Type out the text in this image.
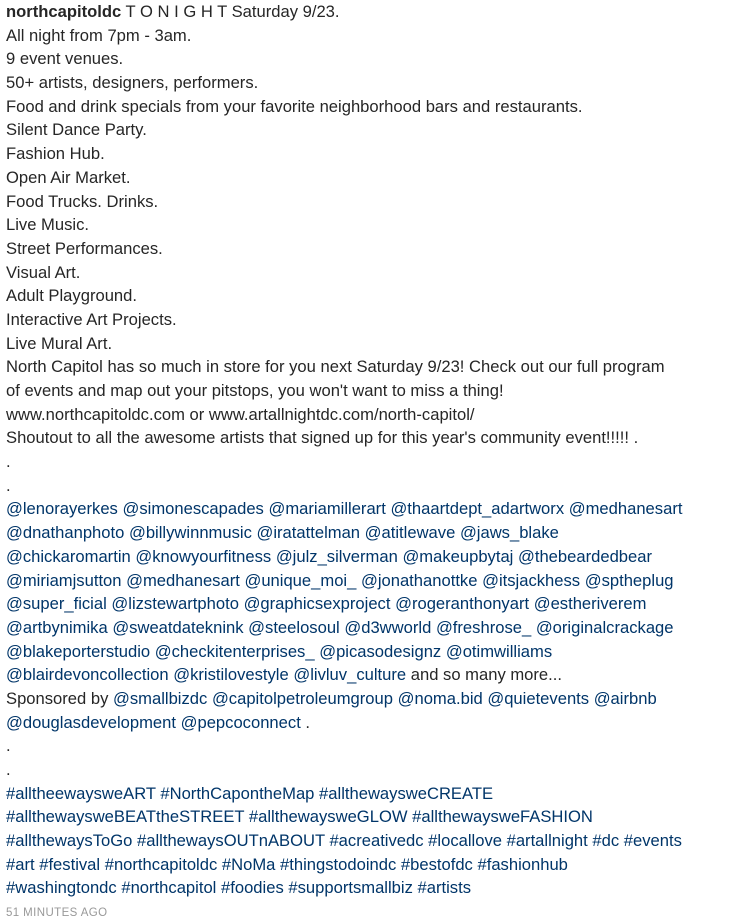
northcapitoldc T O N I G H T Saturday 9/23.
All night from 7pm - 3am.
9 event venues.
50+ artists, designers, performers.
Food and drink specials from your favorite neighborhood bars and restaurants.
Silent Dance Party.
Fashion Hub.
Open Air Market.
Food Trucks. Drinks.
Live Music.
Street Performances.
Visual Art.
Adult Playground.
Interactive Art Projects.
Live Mural Art.
North Capitol has so much in store for you next Saturday 9/23! Check out our full program
of events and map out your pitstops, you won't want to miss a thing!
www.northcapitoldc.com or www.artallnightdc.com/north-capitol/
Shoutout to all the awesome artists that signed up for this year's community event!!!!! .
.
.
@lenorayerkes @simonescapades @mariamillerart @thaartdept_adartworx @medhanesart
@dnathanphoto @billywinnmusic @iratattelman @atitlewave @jaws_blake
@chickaromartin @knowyourfitness @julz_silverman @makeupbytaj @thebeardedbear
@miriamjsutton @medhanesart @unique_moi_ @jonathanottke @itsjackhess @sptheplug
@super_ficial @lizstewartphoto @graphicsexproject @rogeranthonyart @estheriverem
@artbynimika @sweatdateknink @steelosoul @d3wworld @freshrose_ @originalcrackage
@blakeporterstudio @checkitenterprises_ @picasodesignz @otimwilliams
@blairdevoncollection @kristilovestyle @livluv_culture and so many more...
Sponsored by @smallbizdc @capitolpetroleumgroup @noma.bid @quietevents @airbnb
@douglasdevelopment @pepcoconnect .
.
.
#alltheewaysweART #NorthCapontheMap #allthewaysweCREATE
#allthewaysweBEATtheSTREET #allthewaysweGLOW #allthewaysweFASHION
#allthewaysToGo #allthewaysOUTnABOUT #acreativedc #locallove #artallnight #dc #events
#art #festival #northcapitoldc #NoMa #thingstodoindc #bestofdc #fashionhub
#washingtondc #northcapitol #foodies #supportsmallbiz #artists
51 MINUTES AGO
